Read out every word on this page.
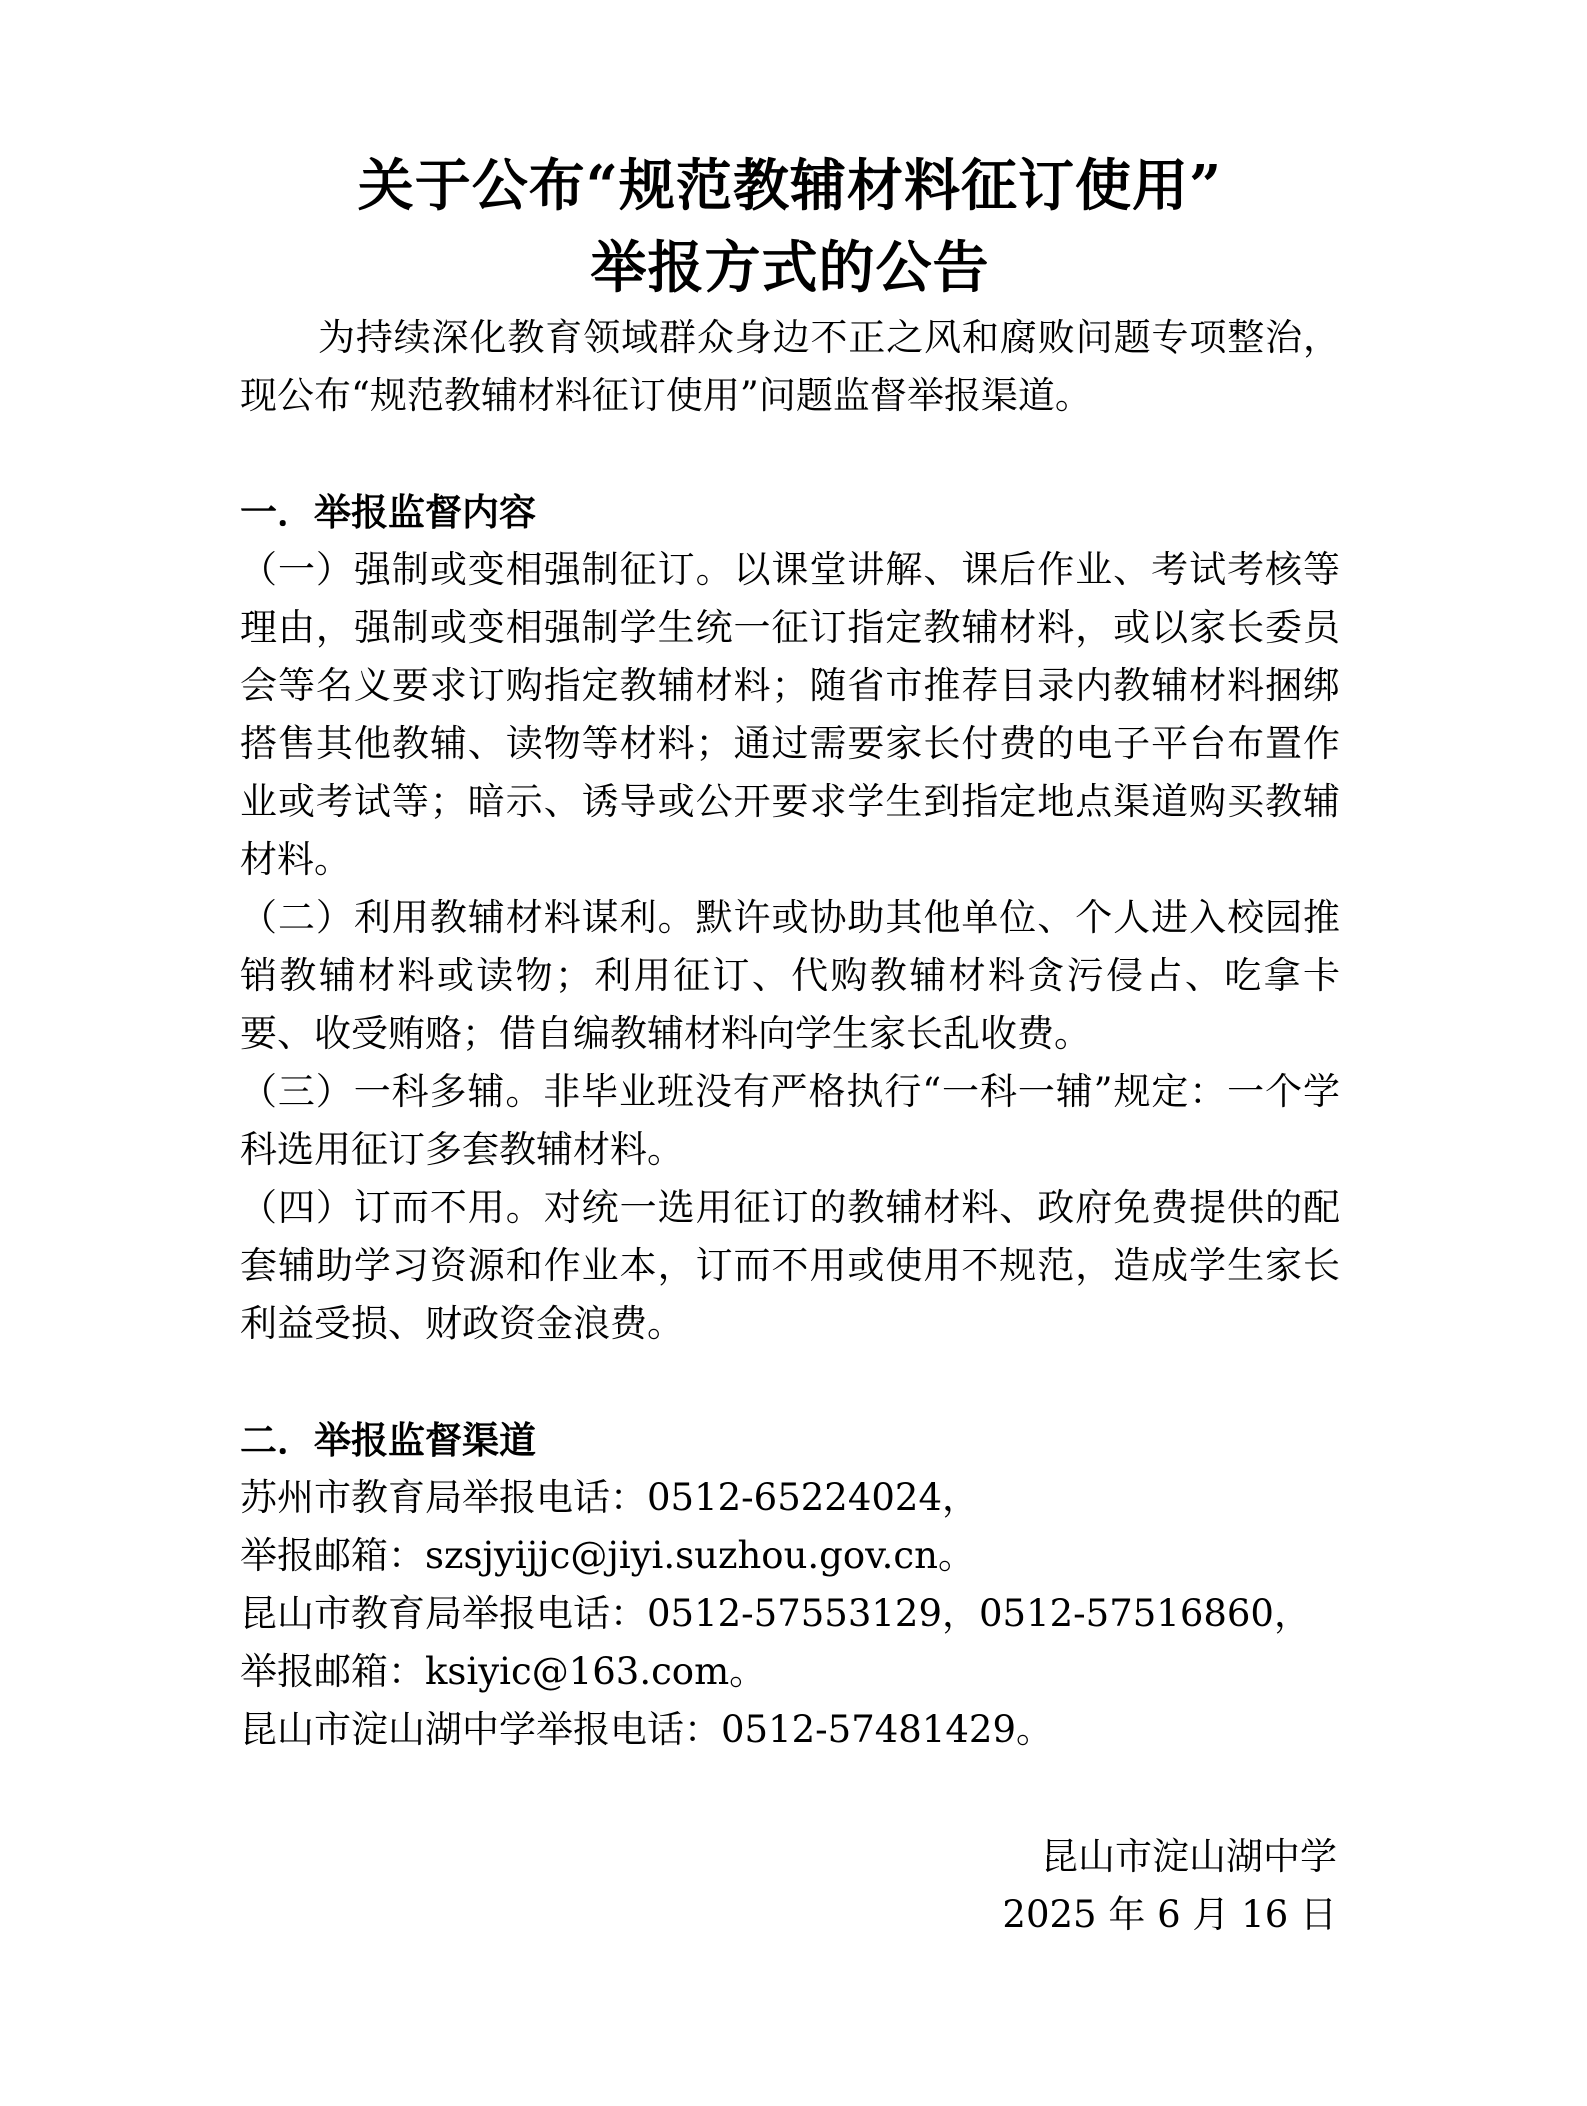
关于公布“规范教辅材料征订使用”
举报方式的公告

为持续深化教育领域群众身边不正之风和腐败问题专项整治，现公布“规范教辅材料征订使用”问题监督举报渠道。

一．举报监督内容

（一）强制或变相强制征订。以课堂讲解、课后作业、考试考核等理由，强制或变相强制学生统一征订指定教辅材料，或以家长委员会等名义要求订购指定教辅材料；随省市推荐目录内教辅材料捆绑搭售其他教辅、读物等材料；通过需要家长付费的电子平台布置作业或考试等；暗示、诱导或公开要求学生到指定地点渠道购买教辅材料。

（二）利用教辅材料谋利。默许或协助其他单位、个人进入校园推销教辅材料或读物；利用征订、代购教辅材料贪污侵占、吃拿卡要、收受贿赂；借自编教辅材料向学生家长乱收费。

（三）一科多辅。非毕业班没有严格执行“一科一辅”规定：一个学科选用征订多套教辅材料。

（四）订而不用。对统一选用征订的教辅材料、政府免费提供的配套辅助学习资源和作业本，订而不用或使用不规范，造成学生家长利益受损、财政资金浪费。

二．举报监督渠道

苏州市教育局举报电话：0512-65224024，
举报邮箱：szsjyijjc@jiyi.suzhou.gov.cn。
昆山市教育局举报电话：0512-57553129，0512-57516860，
举报邮箱：ksiyic@163.com。
昆山市淀山湖中学举报电话：0512-57481429。

昆山市淀山湖中学
2025 年 6 月 16 日
